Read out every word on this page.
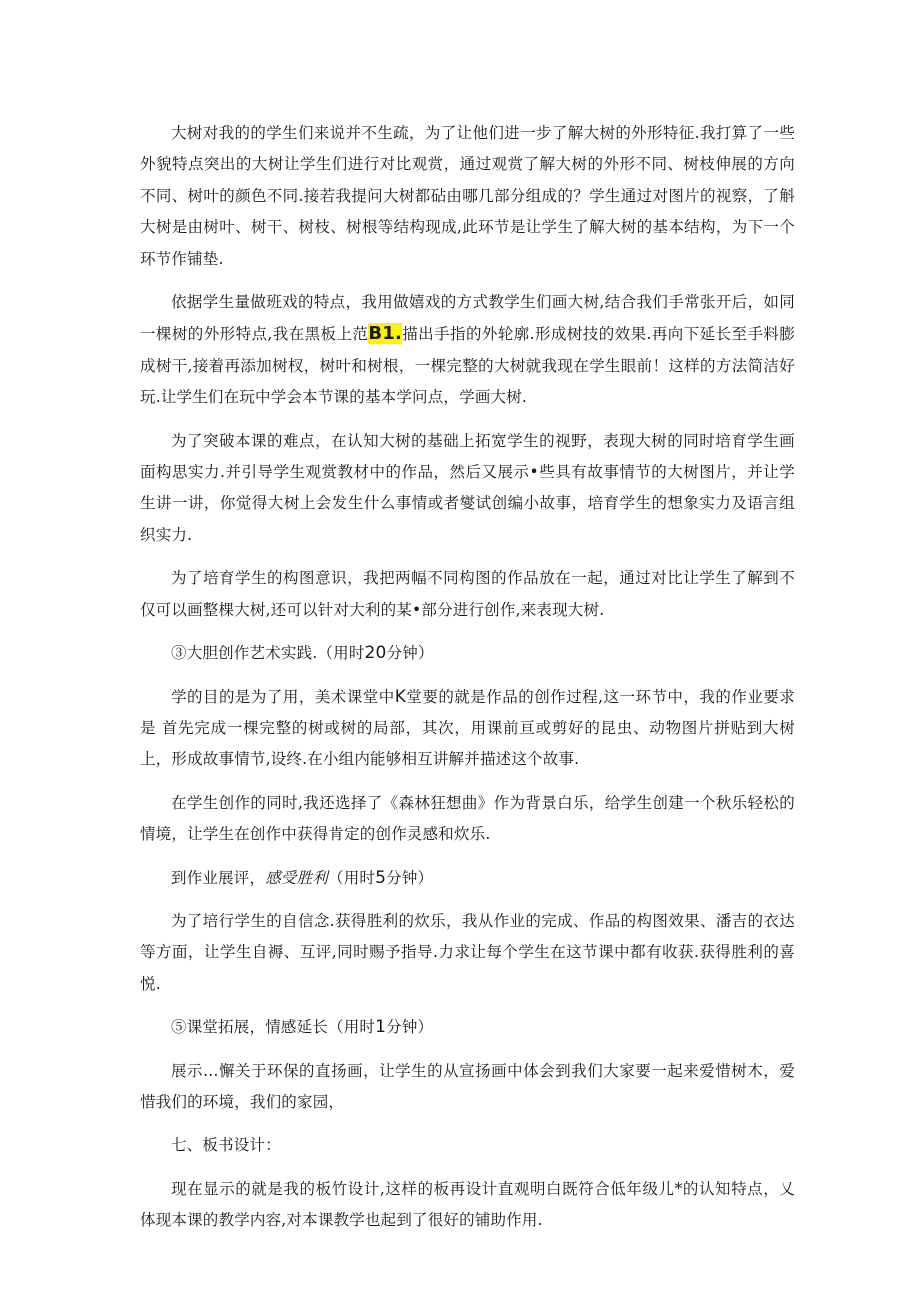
大树对我的的学生们来说并不生疏，为了让他们进一步了解大树的外形特征.我打算了一些外貌特点突出的大树让学生们进行对比观赏，通过观赏了解大树的外形不同、树枝伸展的方向不同、树叶的颜色不同.接若我提问大树都砧由哪几部分组成的？学生通过对图片的视察，了斛大树是由树叶、树干、树枝、树根等结构现成,此环节是让学生了解大树的基本结构，为下一个环节作铺垫.

依据学生量做班戏的特点，我用做嬉戏的方式教学生们画大树,结合我们手常张开后，如同一棵树的外形特点,我在黑板上范B1.描出手指的外轮廓.形成树技的效果.再向下延长至手料膨成树干,接着再添加树杈，树叶和树根，一棵完整的大树就我现在学生眼前！这样的方法简洁好玩.让学生们在玩中学会本节课的基本学问点，学画大树.

为了突破本课的难点，在认知大树的基础上拓宽学生的视野，表现大树的同时培育学生画面构思实力.并引导学生观赏教材中的作品，然后又展示•些具有故事情节的大树图片，并让学生讲一讲，你觉得大树上会发生什么事情或者燮试创编小故事，培育学生的想象实力及语言组织实力.

为了培育学生的构图意识，我把两幅不同构图的作品放在一起，通过对比让学生了解到不仅可以画整棵大树,还可以针对大利的某•部分进行创作,来表现大树.

③大胆创作艺术实践.（用时20分钟）

学的目的是为了用，美术课堂中K堂要的就是作品的创作过程,这一环节中，我的作业要求是 首先完成一棵完整的树或树的局部，其次，用课前亘或剪好的昆虫、动物图片拼贴到大树上，形成故事情节,设终.在小组内能够相互讲解并描述这个故事.

在学生创作的同时,我还选择了《森林狂想曲》作为背景白乐，给学生创建一个秋乐轻松的情境，让学生在创作中获得肯定的创作灵感和炊乐.

到作业展评，感受胜利（用时5分钟）

为了培行学生的自信念.获得胜利的炊乐，我从作业的完成、作品的构图效果、潘吉的衣达等方面，让学生自褥、互评,同时赐予指导.力求让每个学生在这节课中都有收获.获得胜利的喜悦.

⑤课堂拓展，情感延长（用时1分钟）

展示…懈关于环保的直扬画，让学生的从宣扬画中体会到我们大家要一起来爱惜树木，爱惜我们的环境，我们的家园，

七、板书设计：

现在显示的就是我的板竹设计,这样的板再设计直观明白既符合低年级儿*的认知特点，乂体现本课的教学内容,对本课教学也起到了很好的铺助作用.
